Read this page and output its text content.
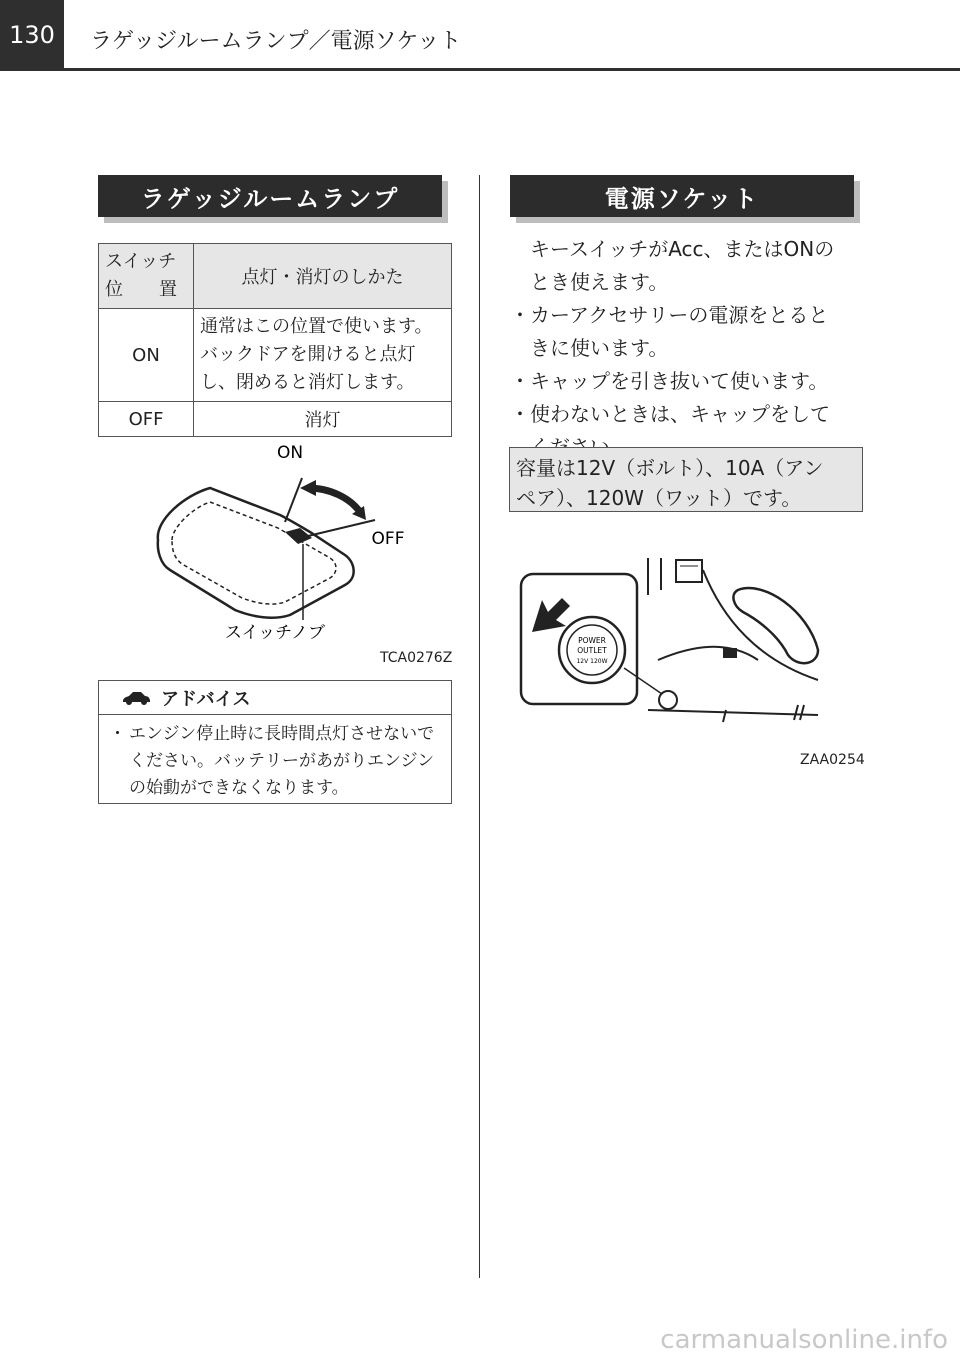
130	ラゲッジルームランプ／電源ソケット
ラゲッジルームランプ
スイッチ
位　　置	点灯・消灯のしかた
ON	通常はこの位置で使います。
バックドアを開けると点灯
し、閉めると消灯します。

OFF	消灯
ON
OFF
スイッチノブ
TCA0276Z
アドバイス
・ エンジン停止時に長時間点灯させないで
ください。バッテリーがあがりエンジン
の始動ができなくなります。
電源ソケット
キースイッチがAcc、またはONの
とき使えます。
・ カーアクセサリーの電源をとると
きに使います。
・ キャップを引き抜いて使います。
・ 使わないときは、キャップをして
容量は12V（ボルト）、10A（アン
ペア）、120W（ワット）です。
POWER
OUTLET
12V 120W
ZAA0254
carmanualsonline.info
